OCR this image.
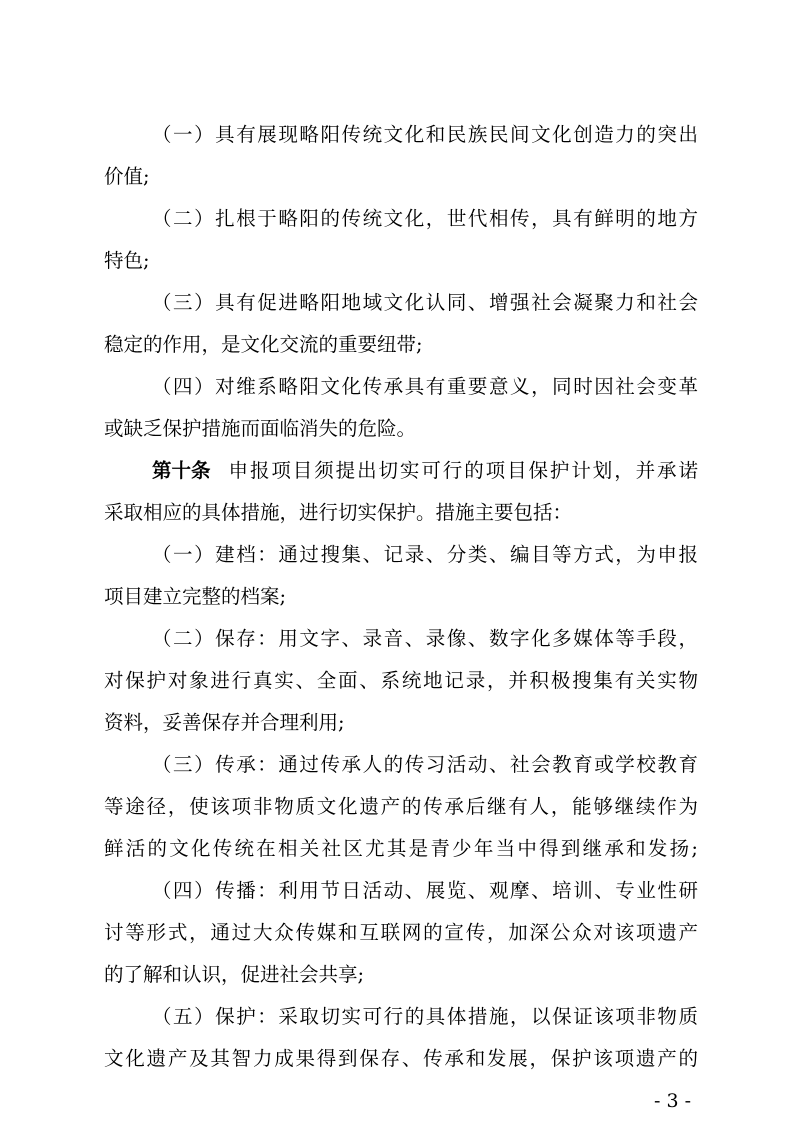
（一）具有展现略阳传统文化和民族民间文化创造力的突出
价值;
（二）扎根于略阳的传统文化，世代相传，具有鲜明的地方
特色;
（三）具有促进略阳地域文化认同、增强社会凝聚力和社会
稳定的作用，是文化交流的重要纽带;
（四）对维系略阳文化传承具有重要意义，同时因社会变革
或缺乏保护措施而面临消失的危险。
第十条 申报项目须提出切实可行的项目保护计划，并承诺
采取相应的具体措施，进行切实保护。措施主要包括：
（一）建档：通过搜集、记录、分类、编目等方式，为申报
项目建立完整的档案;
（二）保存：用文字、录音、录像、数字化多媒体等手段，
对保护对象进行真实、全面、系统地记录，并积极搜集有关实物
资料，妥善保存并合理利用;
（三）传承：通过传承人的传习活动、社会教育或学校教育
等途径，使该项非物质文化遗产的传承后继有人，能够继续作为
鲜活的文化传统在相关社区尤其是青少年当中得到继承和发扬;
（四）传播：利用节日活动、展览、观摩、培训、专业性研
讨等形式，通过大众传媒和互联网的宣传，加深公众对该项遗产
的了解和认识，促进社会共享;
（五）保护：采取切实可行的具体措施，以保证该项非物质
文化遗产及其智力成果得到保存、传承和发展，保护该项遗产的
- 3 -
